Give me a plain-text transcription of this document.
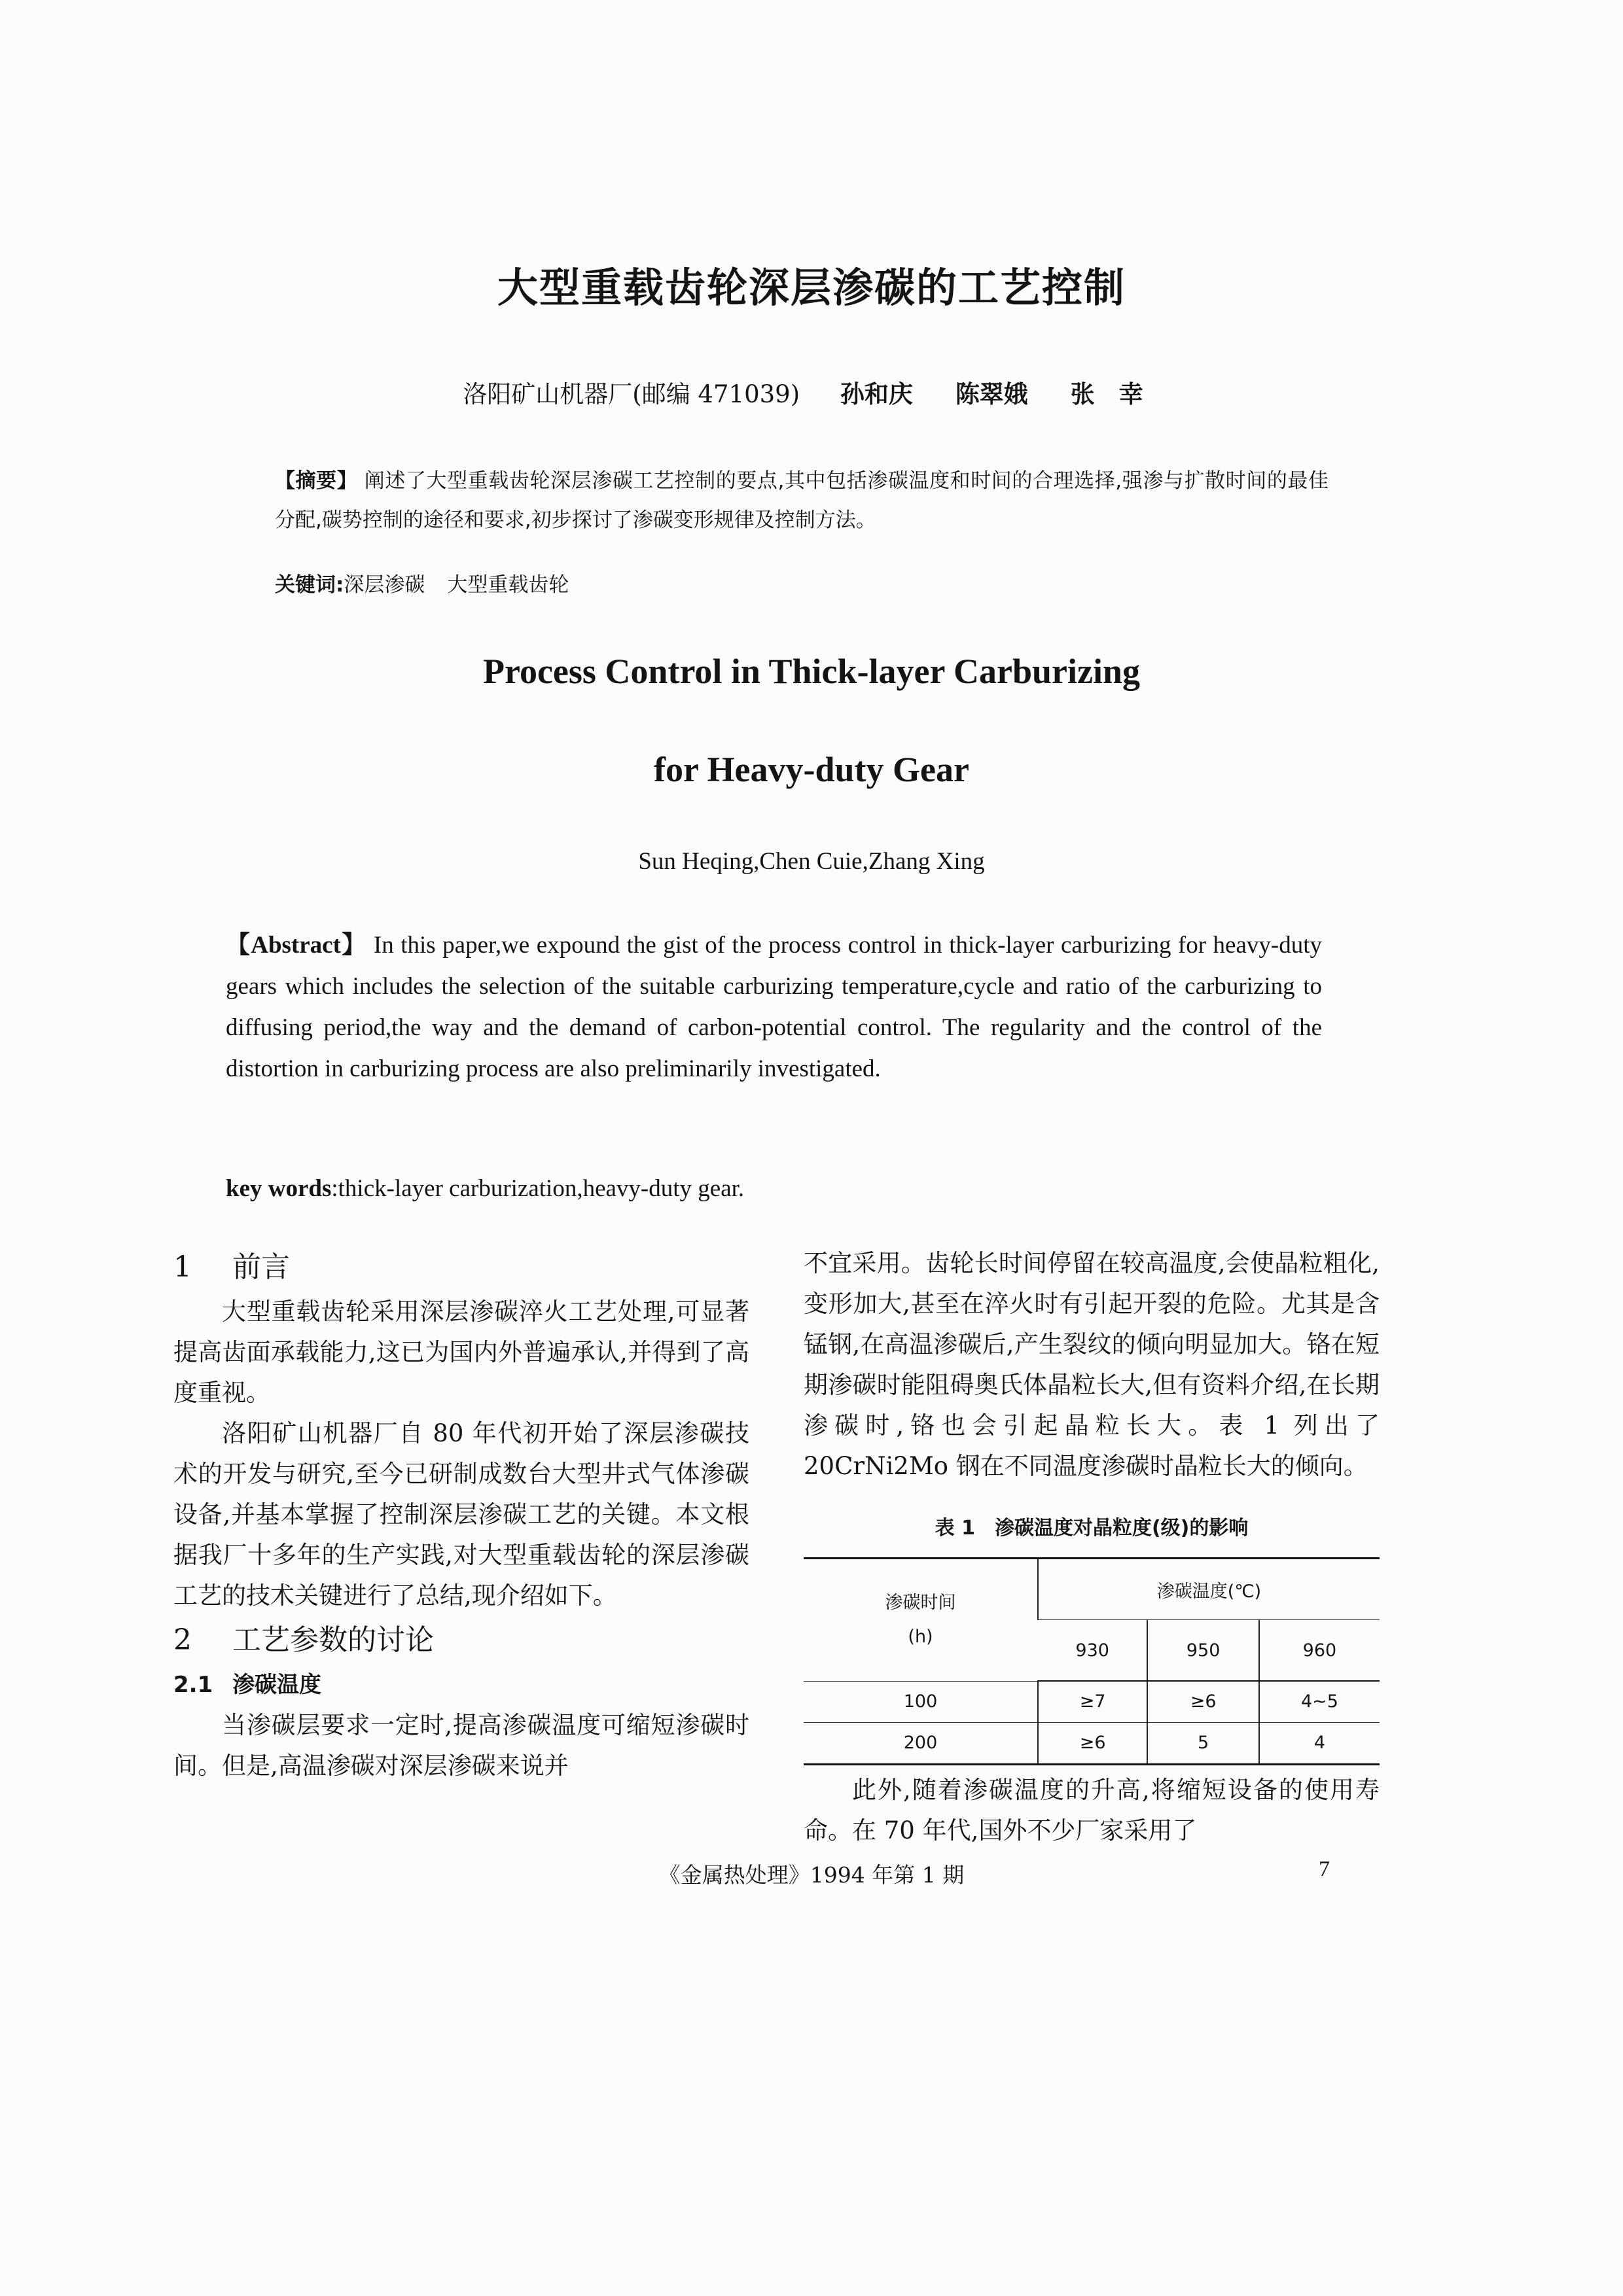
大型重载齿轮深层渗碳的工艺控制
洛阳矿山机器厂(邮编 471039) 孙和庆 陈翠娥 张　幸
【摘要】 阐述了大型重载齿轮深层渗碳工艺控制的要点,其中包括渗碳温度和时间的合理选择,强渗与扩散时间的最佳分配,碳势控制的途径和要求,初步探讨了渗碳变形规律及控制方法。
关键词:深层渗碳 大型重载齿轮
Process Control in Thick-layer Carburizing
for Heavy-duty Gear
Sun Heqing,Chen Cuie,Zhang Xing
【Abstract】 In this paper,we expound the gist of the process control in thick-layer carburizing for heavy-duty gears which includes the selection of the suitable carburizing temperature,cycle and ratio of the carburizing to diffusing period,the way and the demand of carbon-potential control. The regularity and the control of the distortion in carburizing process are also preliminarily investigated.
key words:thick-layer carburization,heavy-duty gear.

1 前言

大型重载齿轮采用深层渗碳淬火工艺处理,可显著提高齿面承载能力,这已为国内外普遍承认,并得到了高度重视。

洛阳矿山机器厂自 80 年代初开始了深层渗碳技术的开发与研究,至今已研制成数台大型井式气体渗碳设备,并基本掌握了控制深层渗碳工艺的关键。本文根据我厂十多年的生产实践,对大型重载齿轮的深层渗碳工艺的技术关键进行了总结,现介绍如下。

2 工艺参数的讨论

2.1 渗碳温度

当渗碳层要求一定时,提高渗碳温度可缩短渗碳时间。但是,高温渗碳对深层渗碳来说并

不宜采用。齿轮长时间停留在较高温度,会使晶粒粗化,变形加大,甚至在淬火时有引起开裂的危险。尤其是含锰钢,在高温渗碳后,产生裂纹的倾向明显加大。铬在短期渗碳时能阻碍奥氏体晶粒长大,但有资料介绍,在长期渗碳时,铬也会引起晶粒长大。表 1 列出了 20CrNi2Mo 钢在不同温度渗碳时晶粒长大的倾向。

表 1 渗碳温度对晶粒度(级)的影响
渗碳时间
(h)	渗碳温度(℃)		
	930	950	960
100	≥7	≥6	4~5
200	≥6	5	4

此外,随着渗碳温度的升高,将缩短设备的使用寿命。在 70 年代,国外不少厂家采用了

《金属热处理》1994 年第 1 期	7
